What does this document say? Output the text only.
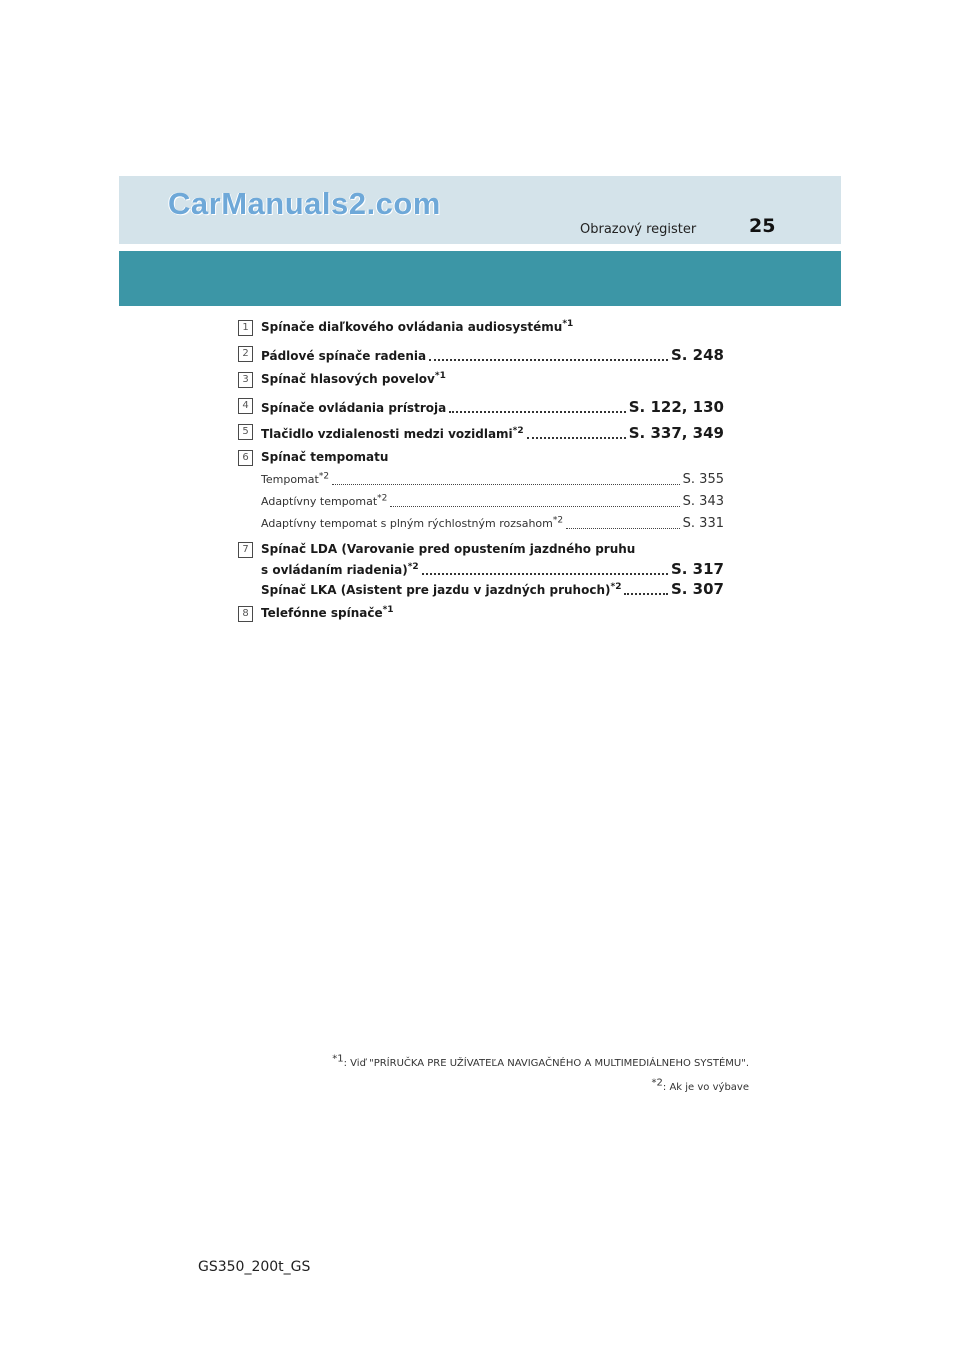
CarManuals2.com
Obrazový register	25
1	Spínače diaľkového ovládania audiosystému$^{*1}$
2	Pádlové spínače radenia	S. 248
3	Spínač hlasových povelov$^{*1}$
4	Spínače ovládania prístroja	S. 122, 130
5	Tlačidlo vzdialenosti medzi vozidlami$^{*2}$	S. 337, 349
6	Spínač tempomatu
Tempomat$^{*2}$	S. 355
Adaptívny tempomat$^{*2}$	S. 343
Adaptívny tempomat s plným rýchlostným rozsahom$^{*2}$	S. 331
7	Spínač LDA (Varovanie pred opustením jazdného pruhu
s ovládaním riadenia)$^{*2}$	S. 317
Spínač LKA (Asistent pre jazdu v jazdných pruhoch)$^{*2}$	S. 307
8	Telefónne spínače$^{*1}$
$^{*1}$: Viď "PRÍRUČKA PRE UŽÍVATEĽA NAVIGAČNÉHO A MULTIMEDIÁLNEHO SYSTÉMU".
$^{*2}$: Ak je vo výbave
GS350_200t_GS
